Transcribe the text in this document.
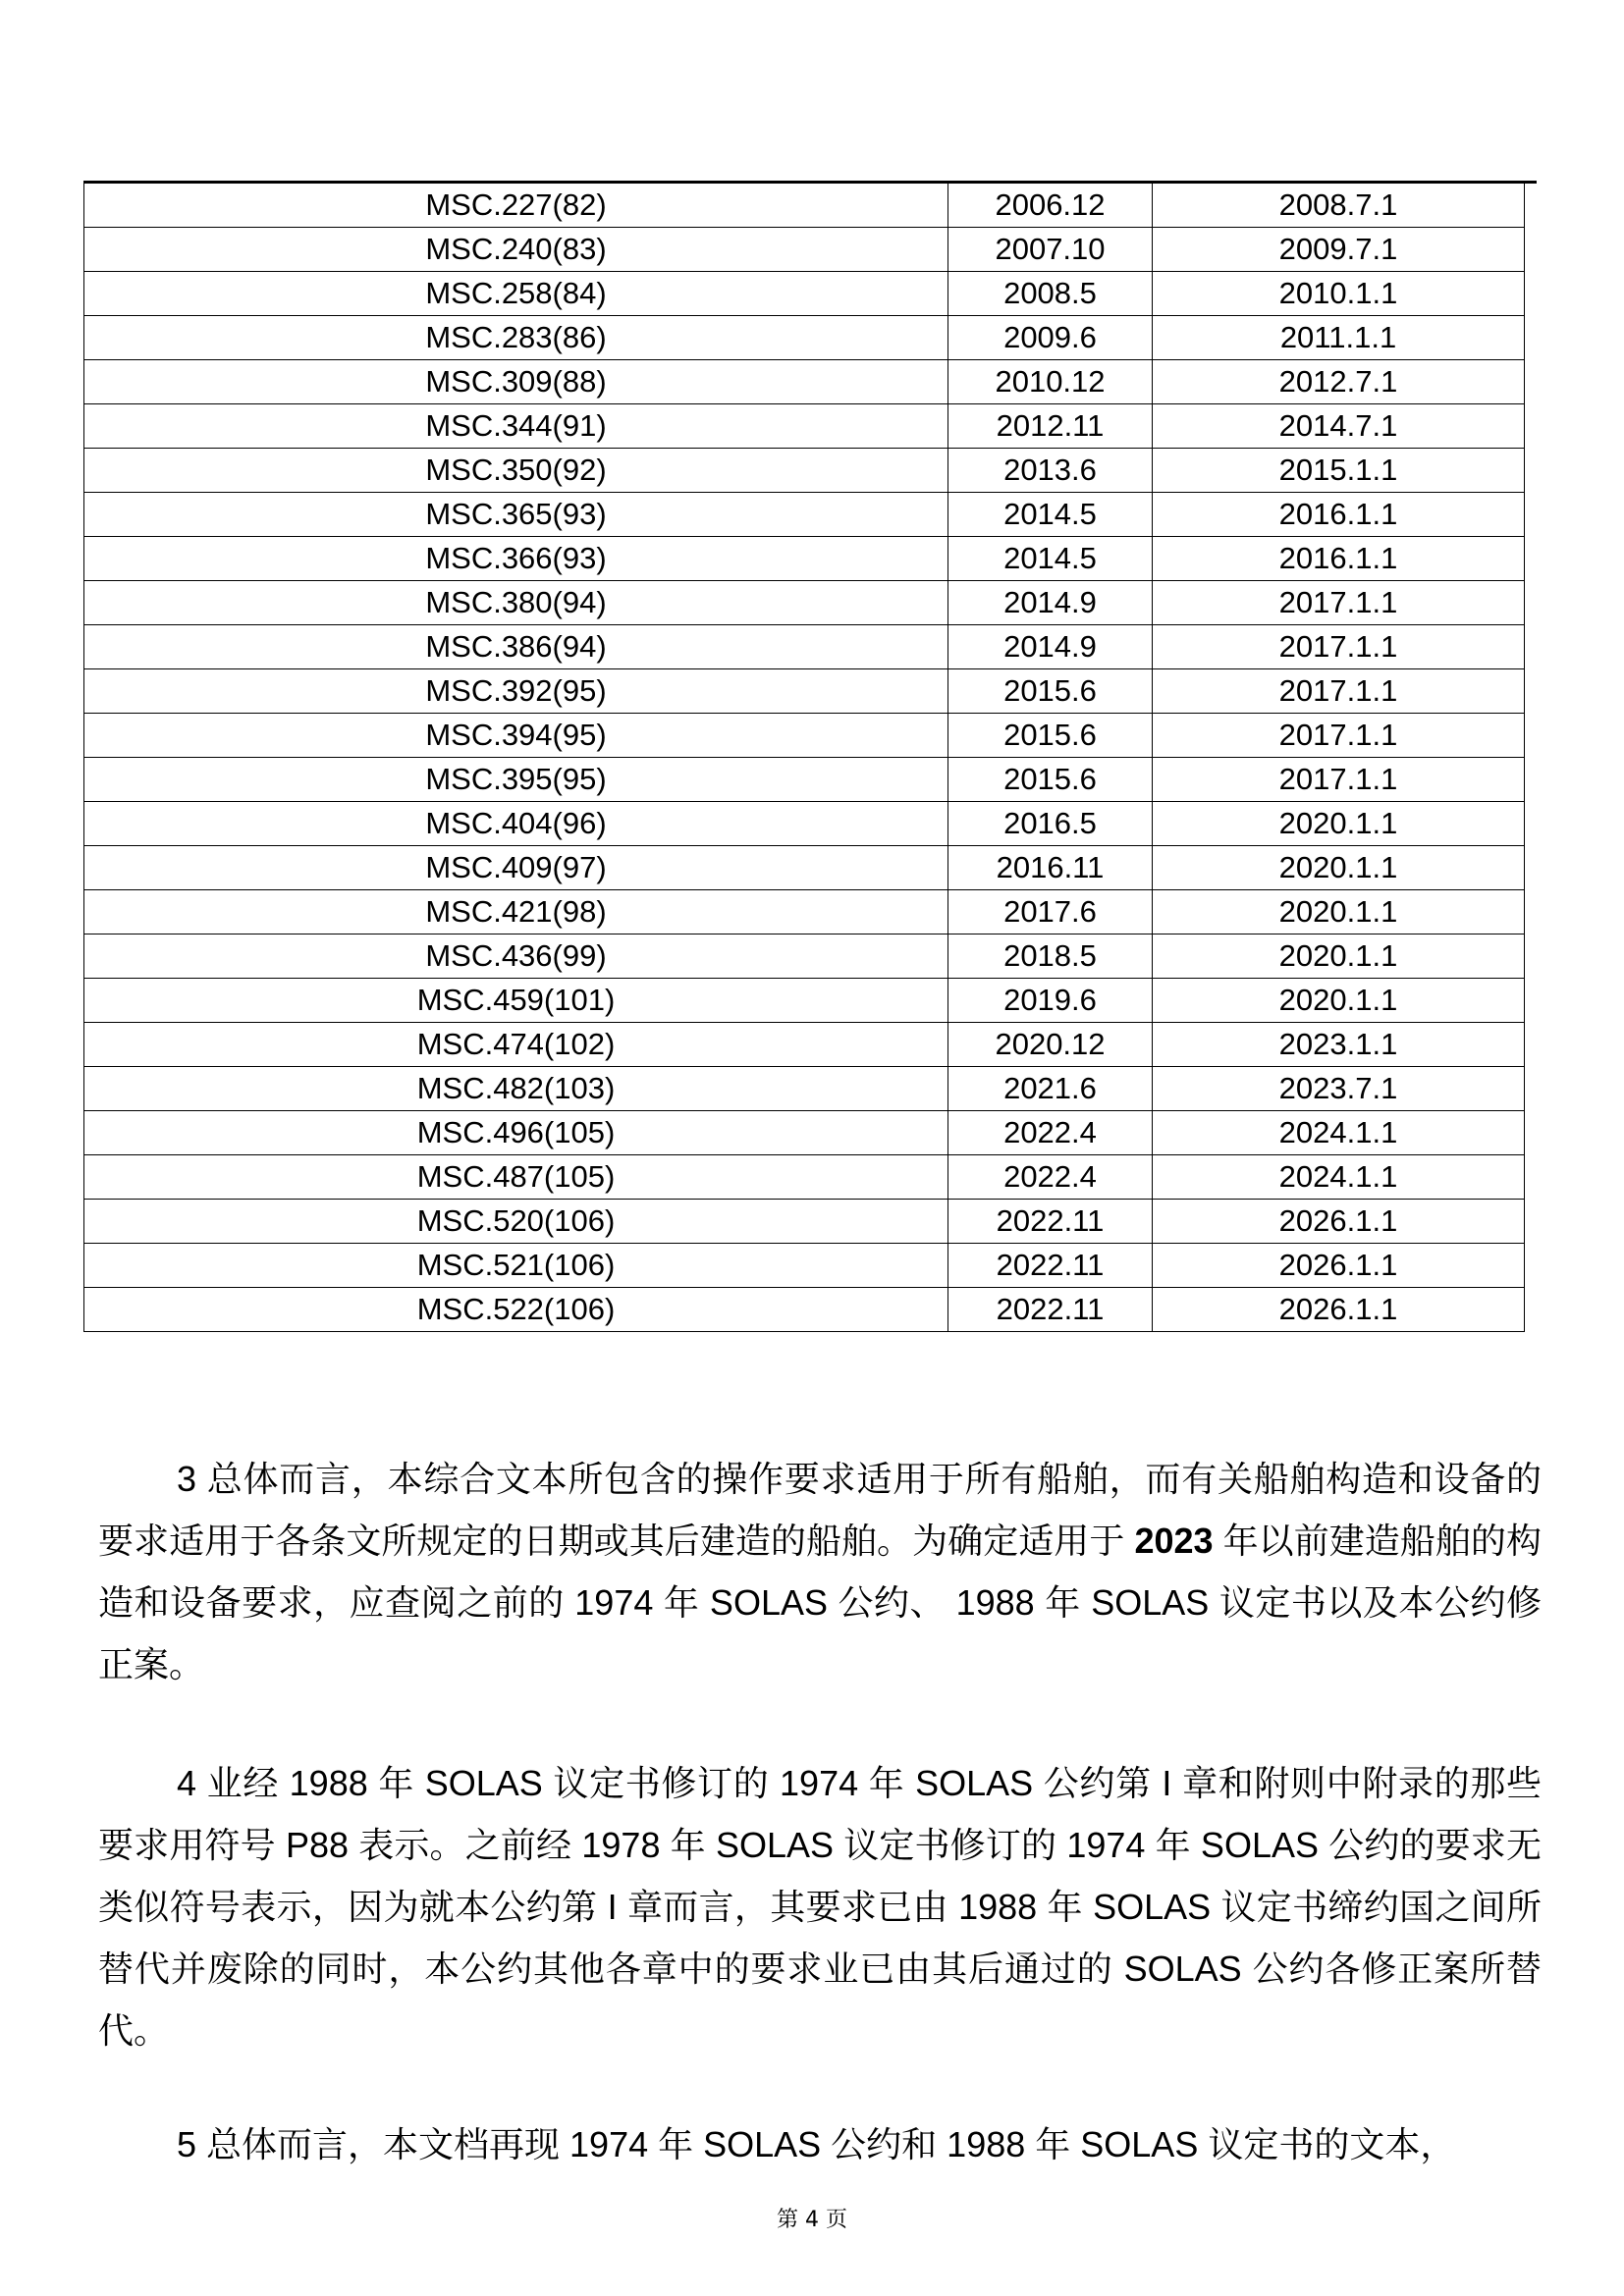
MSC.227(82)	2006.12	2008.7.1
MSC.240(83)	2007.10	2009.7.1
MSC.258(84)	2008.5	2010.1.1
MSC.283(86)	2009.6	2011.1.1
MSC.309(88)	2010.12	2012.7.1
MSC.344(91)	2012.11	2014.7.1
MSC.350(92)	2013.6	2015.1.1
MSC.365(93)	2014.5	2016.1.1
MSC.366(93)	2014.5	2016.1.1
MSC.380(94)	2014.9	2017.1.1
MSC.386(94)	2014.9	2017.1.1
MSC.392(95)	2015.6	2017.1.1
MSC.394(95)	2015.6	2017.1.1
MSC.395(95)	2015.6	2017.1.1
MSC.404(96)	2016.5	2020.1.1
MSC.409(97)	2016.11	2020.1.1
MSC.421(98)	2017.6	2020.1.1
MSC.436(99)	2018.5	2020.1.1
MSC.459(101)	2019.6	2020.1.1
MSC.474(102)	2020.12	2023.1.1
MSC.482(103)	2021.6	2023.7.1
MSC.496(105)	2022.4	2024.1.1
MSC.487(105)	2022.4	2024.1.1
MSC.520(106)	2022.11	2026.1.1
MSC.521(106)	2022.11	2026.1.1
MSC.522(106)	2022.11	2026.1.1

3 总体而言，本综合文本所包含的操作要求适用于所有船舶，而有关船舶构造和设备的要求适用于各条文所规定的日期或其后建造的船舶。为确定适用于 2023 年以前建造船舶的构造和设备要求，应查阅之前的 1974 年 SOLAS 公约、 1988 年 SOLAS 议定书以及本公约修正案。

4 业经 1988 年 SOLAS 议定书修订的 1974 年 SOLAS 公约第 I 章和附则中附录的那些要求用符号 P88 表示。之前经 1978 年 SOLAS 议定书修订的 1974 年 SOLAS 公约的要求无类似符号表示，因为就本公约第 I 章而言，其要求已由 1988 年 SOLAS 议定书缔约国之间所替代并废除的同时，本公约其他各章中的要求业已由其后通过的 SOLAS 公约各修正案所替代。

5 总体而言，本文档再现 1974 年 SOLAS 公约和 1988 年 SOLAS 议定书的文本，

第 4 页
